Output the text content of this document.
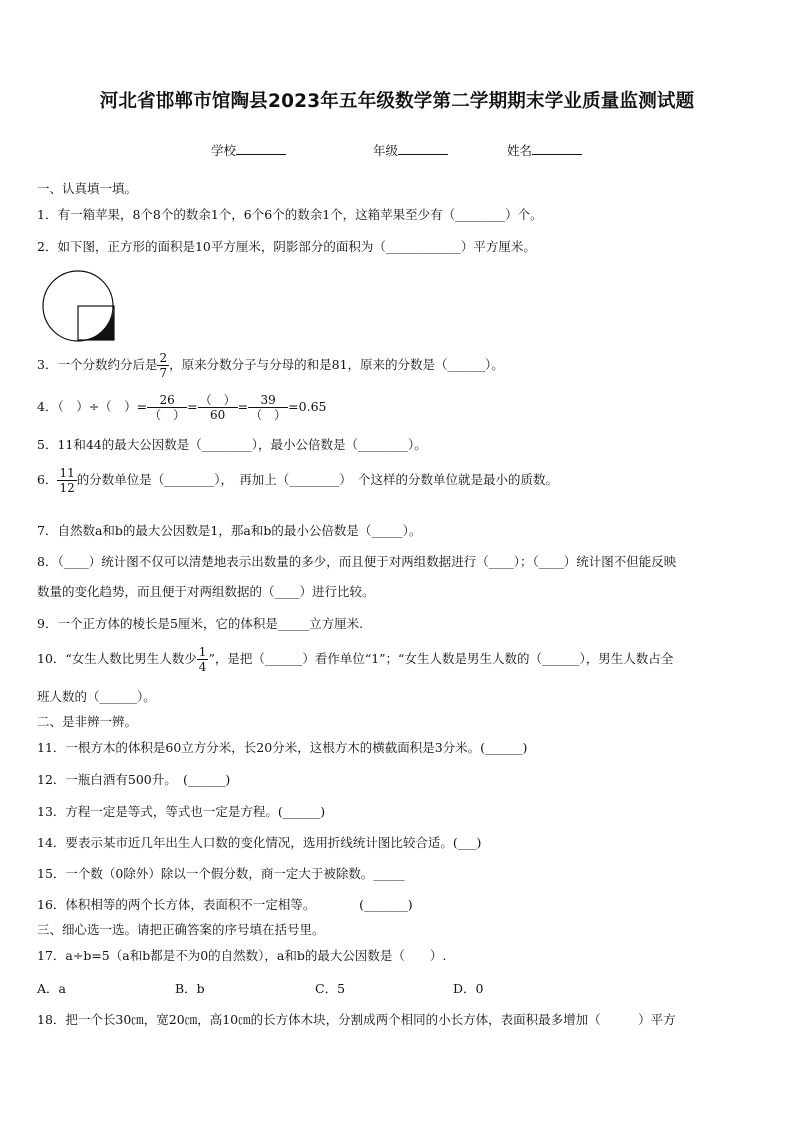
河北省邯郸市馆陶县2023年五年级数学第二学期期末学业质量监测试题
学校	年级	姓名
一、认真填一填。
1．有一箱苹果，8个8个的数余1个，6个6个的数余1个，这箱苹果至少有（________）个。
2．如下图，正方形的面积是10平方厘米，阴影部分的面积为（____________）平方厘米。
3．一个分数约分后是 $\frac{2}{7}$ ，原来分数分子与分母的和是81，原来的分数是（______）。
4．（　）÷（　）= $\frac{26}{( )} = \frac{( )}{60} = \frac{39}{( )} =0.65$
5．11和44的最大公因数是（________），最小公倍数是（________）。
6． $\frac{11}{12}$ 的分数单位是（________），　再加上（________）　个这样的分数单位就是最小的质数。
7．自然数a和b的最大公因数是1，那a和b的最小公倍数是（_____）。
8．（____）统计图不仅可以清楚地表示出数量的多少，而且便于对两组数据进行（____）；（____）统计图不但能反映
数量的变化趋势，而且便于对两组数据的（____）进行比较。
9．一个正方体的棱长是5厘米，它的体积是_____立方厘米.
10．“女生人数比男生人数少 $\frac{1}{4}$ ”，是把（______）看作单位“1”；“女生人数是男生人数的（______），男生人数占全
班人数的（______）。
二、是非辨一辨。
11．一根方木的体积是60立方分米，长20分米，这根方木的横截面积是3分米。(______)
12．一瓶白酒有500升。　(______)
13．方程一定是等式，等式也一定是方程。(______)
14．要表示某市近几年出生人口数的变化情况，选用折线统计图比较合适。(___)
15．一个数（0除外）除以一个假分数，商一定大于被除数。_____
16．体积相等的两个长方体，表面积不一定相等。　　　　(_______)
三、细心选一选。请把正确答案的序号填在括号里。
17．a÷b=5（a和b都是不为0的自然数），a和b的最大公因数是（　　）.
A．a	B．b	C．5	D．0
18．把一个长30㎝，宽20㎝，高10㎝的长方体木块，分割成两个相同的小长方体，表面积最多增加（　　　）平方
